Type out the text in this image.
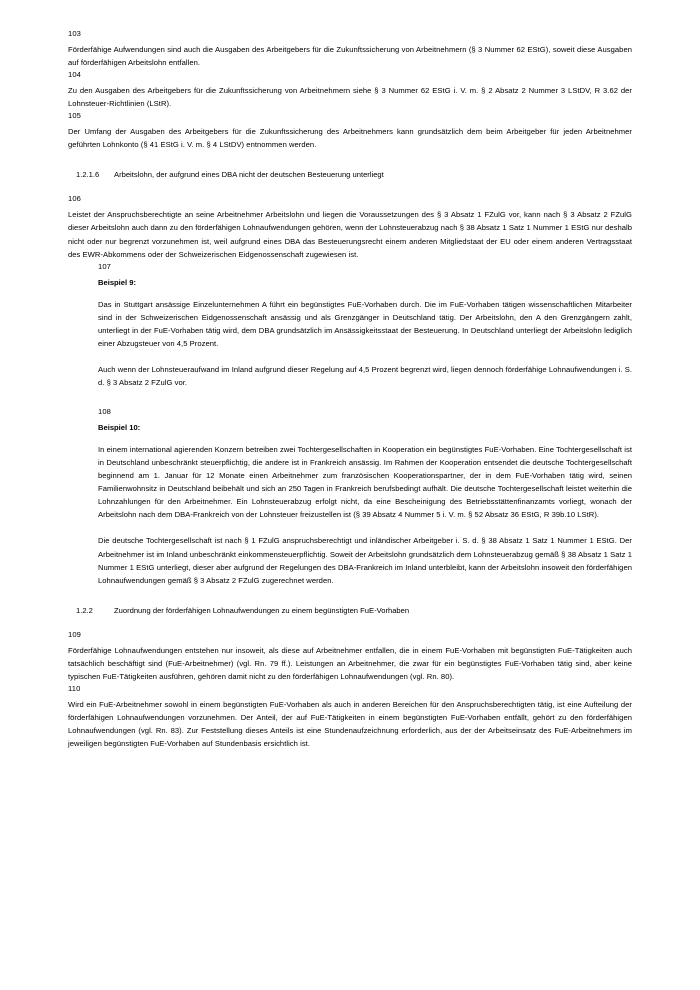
103
Förderfähige Aufwendungen sind auch die Ausgaben des Arbeitgebers für die Zukunftssicherung von Arbeitnehmern (§ 3 Nummer 62 EStG), soweit diese Ausgaben auf förderfähigen Arbeitslohn entfallen.
104
Zu den Ausgaben des Arbeitgebers für die Zukunftssicherung von Arbeitnehmern siehe § 3 Nummer 62 EStG i. V. m. § 2 Absatz 2 Nummer 3 LStDV, R 3.62 der Lohnsteuer-Richtlinien (LStR).
105
Der Umfang der Ausgaben des Arbeitgebers für die Zukunftssicherung des Arbeitnehmers kann grundsätzlich dem beim Arbeitgeber für jeden Arbeitnehmer geführten Lohnkonto (§ 41 EStG i. V. m. § 4 LStDV) entnommen werden.
1.2.1.6	Arbeitslohn, der aufgrund eines DBA nicht der deutschen Besteuerung unterliegt
106
Leistet der Anspruchsberechtigte an seine Arbeitnehmer Arbeitslohn und liegen die Voraussetzungen des § 3 Absatz 1 FZulG vor, kann nach § 3 Absatz 2 FZulG dieser Arbeitslohn auch dann zu den förderfähigen Lohnaufwendungen gehören, wenn der Lohnsteuerabzug nach § 38 Absatz 1 Satz 1 Nummer 1 EStG nur deshalb nicht oder nur begrenzt vorzunehmen ist, weil aufgrund eines DBA das Besteuerungsrecht einem anderen Mitgliedstaat der EU oder einem anderen Vertragsstaat des EWR-Abkommens oder der Schweizerischen Eidgenossenschaft zugewiesen ist.
107
Beispiel 9:
Das in Stuttgart ansässige Einzelunternehmen A führt ein begünstigtes FuE-Vorhaben durch. Die im FuE-Vorhaben tätigen wissenschaftlichen Mitarbeiter sind in der Schweizerischen Eidgenossenschaft ansässig und als Grenzgänger in Deutschland tätig. Der Arbeitslohn, den A den Grenzgängern zahlt, unterliegt in der FuE-Vorhaben tätig wird, dem DBA grundsätzlich im Ansässigkeitsstaat der Besteuerung. In Deutschland unterliegt der Arbeitslohn lediglich einer Abzugsteuer von 4,5 Prozent.
Auch wenn der Lohnsteueraufwand im Inland aufgrund dieser Regelung auf 4,5 Prozent begrenzt wird, liegen dennoch förderfähige Lohnaufwendungen i. S. d. § 3 Absatz 2 FZulG vor.
108
Beispiel 10:
In einem international agierenden Konzern betreiben zwei Tochtergesellschaften in Kooperation ein begünstigtes FuE-Vorhaben. Eine Tochtergesellschaft ist in Deutschland unbeschränkt steuerpflichtig, die andere ist in Frankreich ansässig. Im Rahmen der Kooperation entsendet die deutsche Tochtergesellschaft beginnend am 1. Januar für 12 Monate einen Arbeitnehmer zum französischen Kooperationspartner, der in dem FuE-Vorhaben tätig wird, seinen Familienwohnsitz in Deutschland beibehält und sich an 250 Tagen in Frankreich berufsbedingt aufhält. Die deutsche Tochtergesellschaft leistet weiterhin die Lohnzahlungen für den Arbeitnehmer. Ein Lohnsteuerabzug erfolgt nicht, da eine Bescheinigung des Betriebsstättenfinanzamts vorliegt, wonach der Arbeitslohn nach dem DBA-Frankreich von der Lohnsteuer freizustellen ist (§ 39 Absatz 4 Nummer 5 i. V. m. § 52 Absatz 36 EStG, R 39b.10 LStR).
Die deutsche Tochtergesellschaft ist nach § 1 FZulG anspruchsberechtigt und inländischer Arbeitgeber i. S. d. § 38 Absatz 1 Satz 1 Nummer 1 EStG. Der Arbeitnehmer ist im Inland unbeschränkt einkommensteuerpflichtig. Soweit der Arbeitslohn grundsätzlich dem Lohnsteuerabzug gemäß § 38 Absatz 1 Satz 1 Nummer 1 EStG unterliegt, dieser aber aufgrund der Regelungen des DBA-Frankreich im Inland unterbleibt, kann der Arbeitslohn insoweit den förderfähigen Lohnaufwendungen gemäß § 3 Absatz 2 FZulG zugerechnet werden.
1.2.2	Zuordnung der förderfähigen Lohnaufwendungen zu einem begünstigten FuE-Vorhaben
109
Förderfähige Lohnaufwendungen entstehen nur insoweit, als diese auf Arbeitnehmer entfallen, die in einem FuE-Vorhaben mit begünstigten FuE-Tätigkeiten auch tatsächlich beschäftigt sind (FuE-Arbeitnehmer) (vgl. Rn. 79 ff.). Leistungen an Arbeitnehmer, die zwar für ein begünstigtes FuE-Vorhaben tätig sind, aber keine typischen FuE-Tätigkeiten ausführen, gehören damit nicht zu den förderfähigen Lohnaufwendungen (vgl. Rn. 80).
110
Wird ein FuE-Arbeitnehmer sowohl in einem begünstigten FuE-Vorhaben als auch in anderen Bereichen für den Anspruchsberechtigten tätig, ist eine Aufteilung der förderfähigen Lohnaufwendungen vorzunehmen. Der Anteil, der auf FuE-Tätigkeiten in einem begünstigten FuE-Vorhaben entfällt, gehört zu den förderfähigen Lohnaufwendungen (vgl. Rn. 83). Zur Feststellung dieses Anteils ist eine Stundenaufzeichnung erforderlich, aus der der Arbeitseinsatz des FuE-Arbeitnehmers im jeweiligen begünstigten FuE-Vorhaben auf Stundenbasis ersichtlich ist.
